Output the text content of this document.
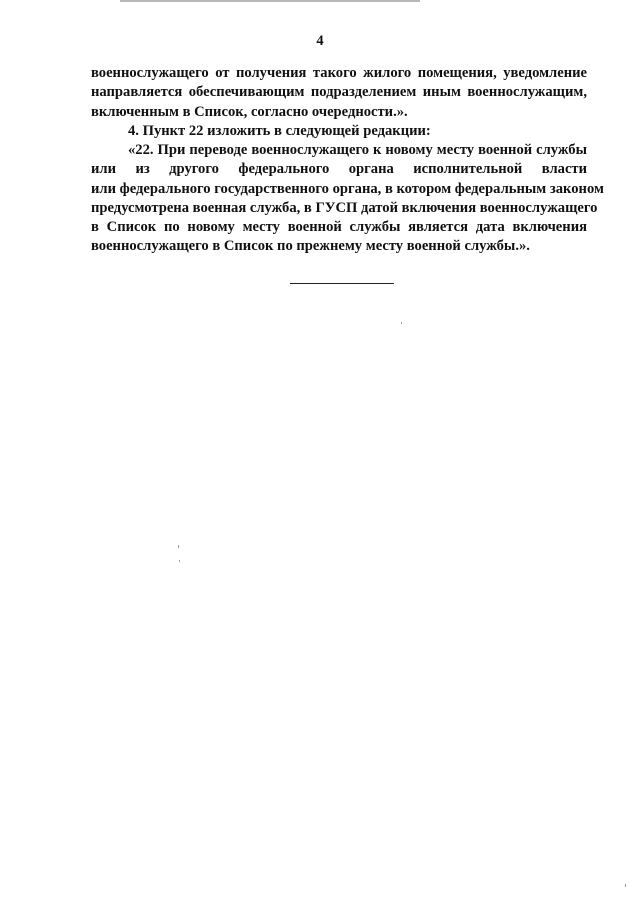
4
военнослужащего от получения такого жилого помещения, уведомление
направляется обеспечивающим подразделением иным военнослужащим,
включенным в Список, согласно очередности.».
4. Пункт 22 изложить в следующей редакции:
«22. При переводе военнослужащего к новому месту военной службы
или из другого федерального органа исполнительной власти
или федерального государственного органа, в котором федеральным законом
предусмотрена военная служба, в ГУСП датой включения военнослужащего
в Список по новому месту военной службы является дата включения
военнослужащего в Список по прежнему месту военной службы.».
